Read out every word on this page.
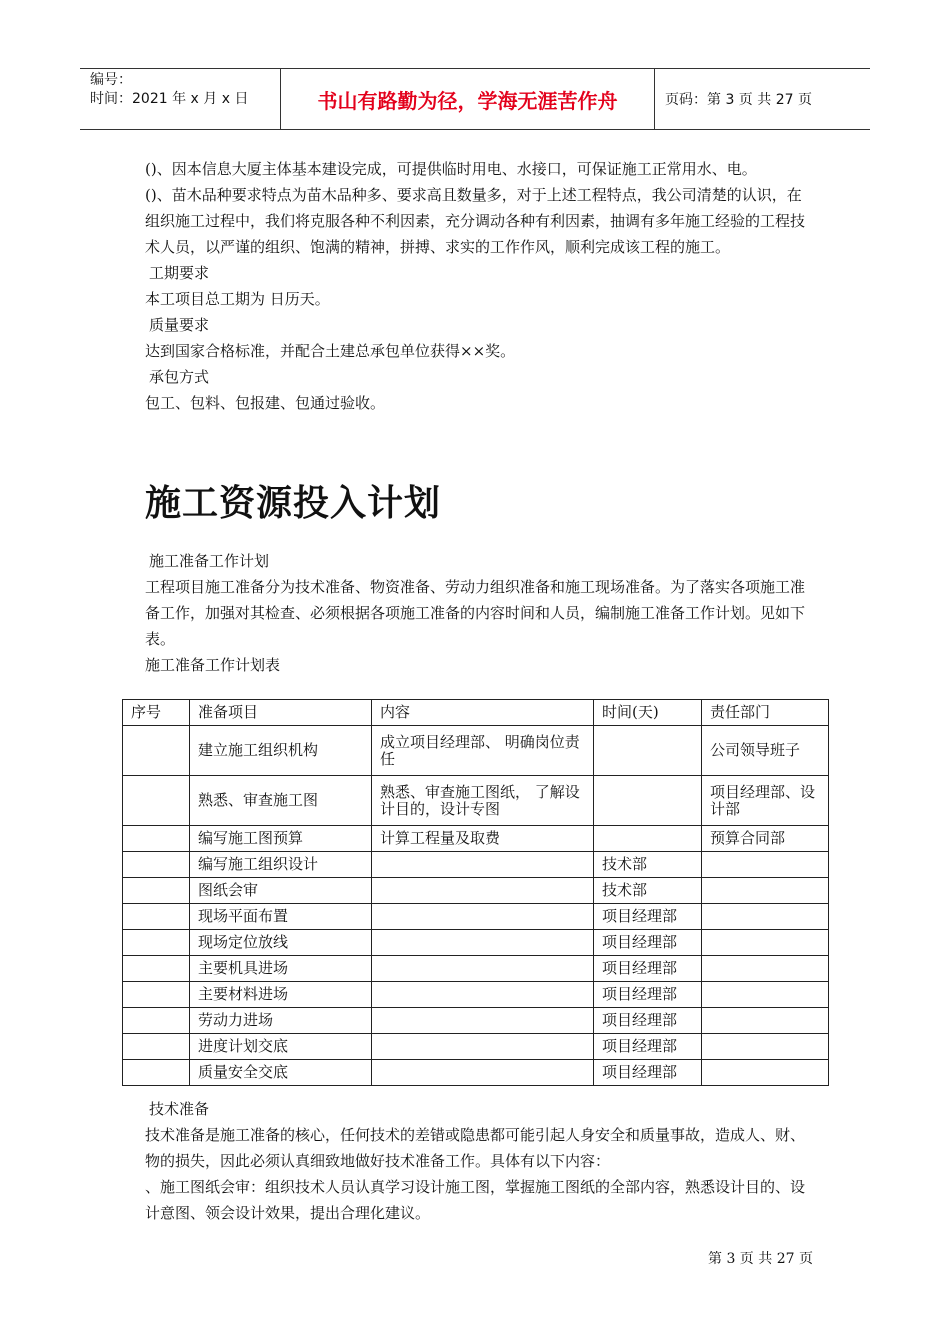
编号：
时间：2021 年 x 月 x 日	书山有路勤为径，学海无涯苦作舟	页码：第 3 页 共 27 页

()、因本信息大厦主体基本建设完成，可提供临时用电、水接口，可保证施工正常用水、电。

()、苗木品种要求特点为苗木品种多、要求高且数量多，对于上述工程特点，我公司清楚的认识，在组织施工过程中，我们将克服各种不利因素，充分调动各种有利因素，抽调有多年施工经验的工程技术人员，以严谨的组织、饱满的精神，拼搏、求实的工作作风，顺利完成该工程的施工。

工期要求

本工项目总工期为 日历天。

质量要求

达到国家合格标准，并配合土建总承包单位获得××奖。

承包方式

包工、包料、包报建、包通过验收。

施工资源投入计划

施工准备工作计划

工程项目施工准备分为技术准备、物资准备、劳动力组织准备和施工现场准备。为了落实各项施工准备工作，加强对其检查、必须根据各项施工准备的内容时间和人员，编制施工准备工作计划。见如下表。

施工准备工作计划表

序号	准备项目	内容	时间(天)	责任部门
	建立施工组织机构	成立项目经理部、 明确岗位责任		公司领导班子
	熟悉、审查施工图	熟悉、审查施工图纸， 了解设计目的，设计专图		项目经理部、设计部
	编写施工图预算	计算工程量及取费		预算合同部
	编写施工组织设计		技术部	
	图纸会审		技术部	
	现场平面布置		项目经理部	
	现场定位放线		项目经理部	
	主要机具进场		项目经理部	
	主要材料进场		项目经理部	
	劳动力进场		项目经理部	
	进度计划交底		项目经理部	
	质量安全交底		项目经理部	

技术准备

技术准备是施工准备的核心，任何技术的差错或隐患都可能引起人身安全和质量事故，造成人、财、物的损失，因此必须认真细致地做好技术准备工作。具体有以下内容：

、施工图纸会审：组织技术人员认真学习设计施工图，掌握施工图纸的全部内容，熟悉设计目的、设计意图、领会设计效果，提出合理化建议。

第 3 页 共 27 页
